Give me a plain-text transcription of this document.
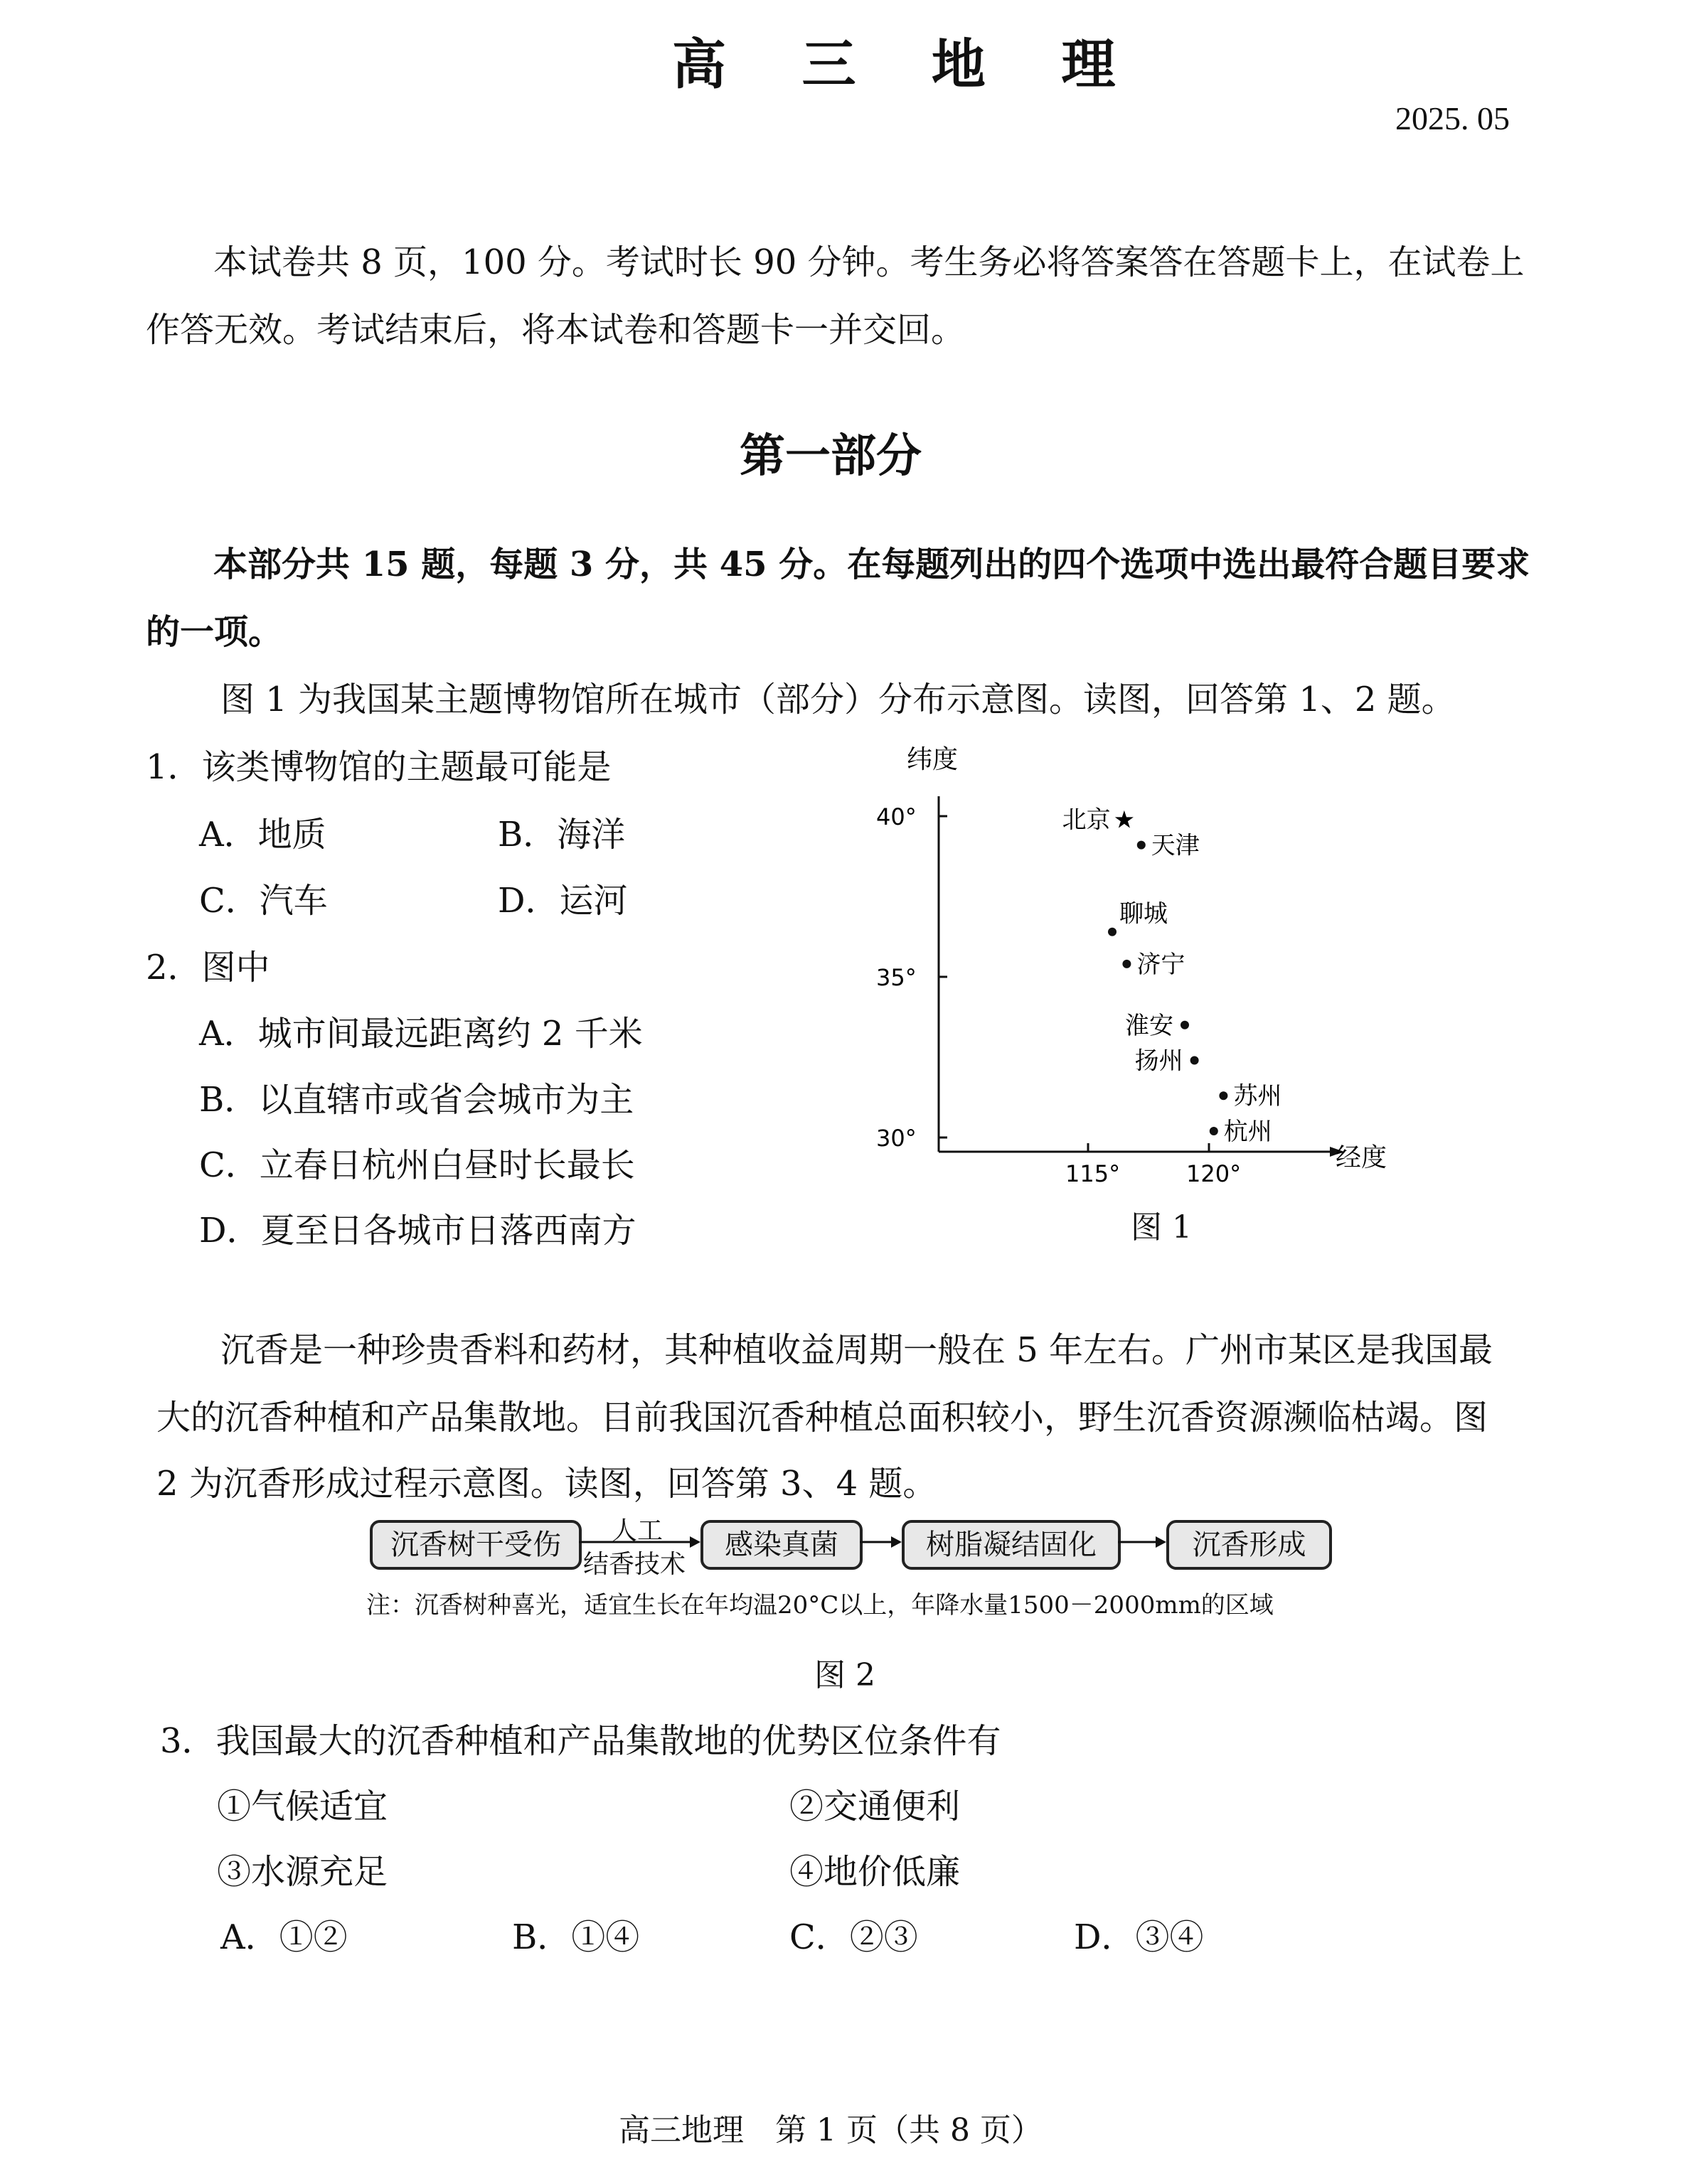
高 三 地 理
2025. 05
本试卷共 8 页，100 分。考试时长 90 分钟。考生务必将答案答在答题卡上，在试卷上
作答无效。考试结束后，将本试卷和答题卡一并交回。
第一部分
本部分共 15 题，每题 3 分，共 45 分。在每题列出的四个选项中选出最符合题目要求
的一项。
图 1 为我国某主题博物馆所在城市（部分）分布示意图。读图，回答第 1、2 题。
1．该类博物馆的主题最可能是
A．地质	B．海洋
C．汽车	D．运河
2．图中
A．城市间最远距离约 2 千米
B．以直辖市或省会城市为主
C．立春日杭州白昼时长最长
D．夏至日各城市日落西南方
纬度
经度
40°
35°
30°
115°	120°
★
北京
天津
聊城
济宁
淮安
扬州
苏州
杭州
图 1
沉香是一种珍贵香料和药材，其种植收益周期一般在 5 年左右。广州市某区是我国最
大的沉香种植和产品集散地。目前我国沉香种植总面积较小，野生沉香资源濒临枯竭。图
2 为沉香形成过程示意图。读图，回答第 3、4 题。
沉香树干受伤	人工
结香技术
感染真菌	树脂凝结固化	沉香形成
注：沉香树种喜光，适宜生长在年均温20°C以上，年降水量1500－2000mm的区域
图 2
3．我国最大的沉香种植和产品集散地的优势区位条件有
①气候适宜	②交通便利
③水源充足	④地价低廉
A．①②	B．①④	C．②③	D．③④
高三地理　第 1 页（共 8 页）
